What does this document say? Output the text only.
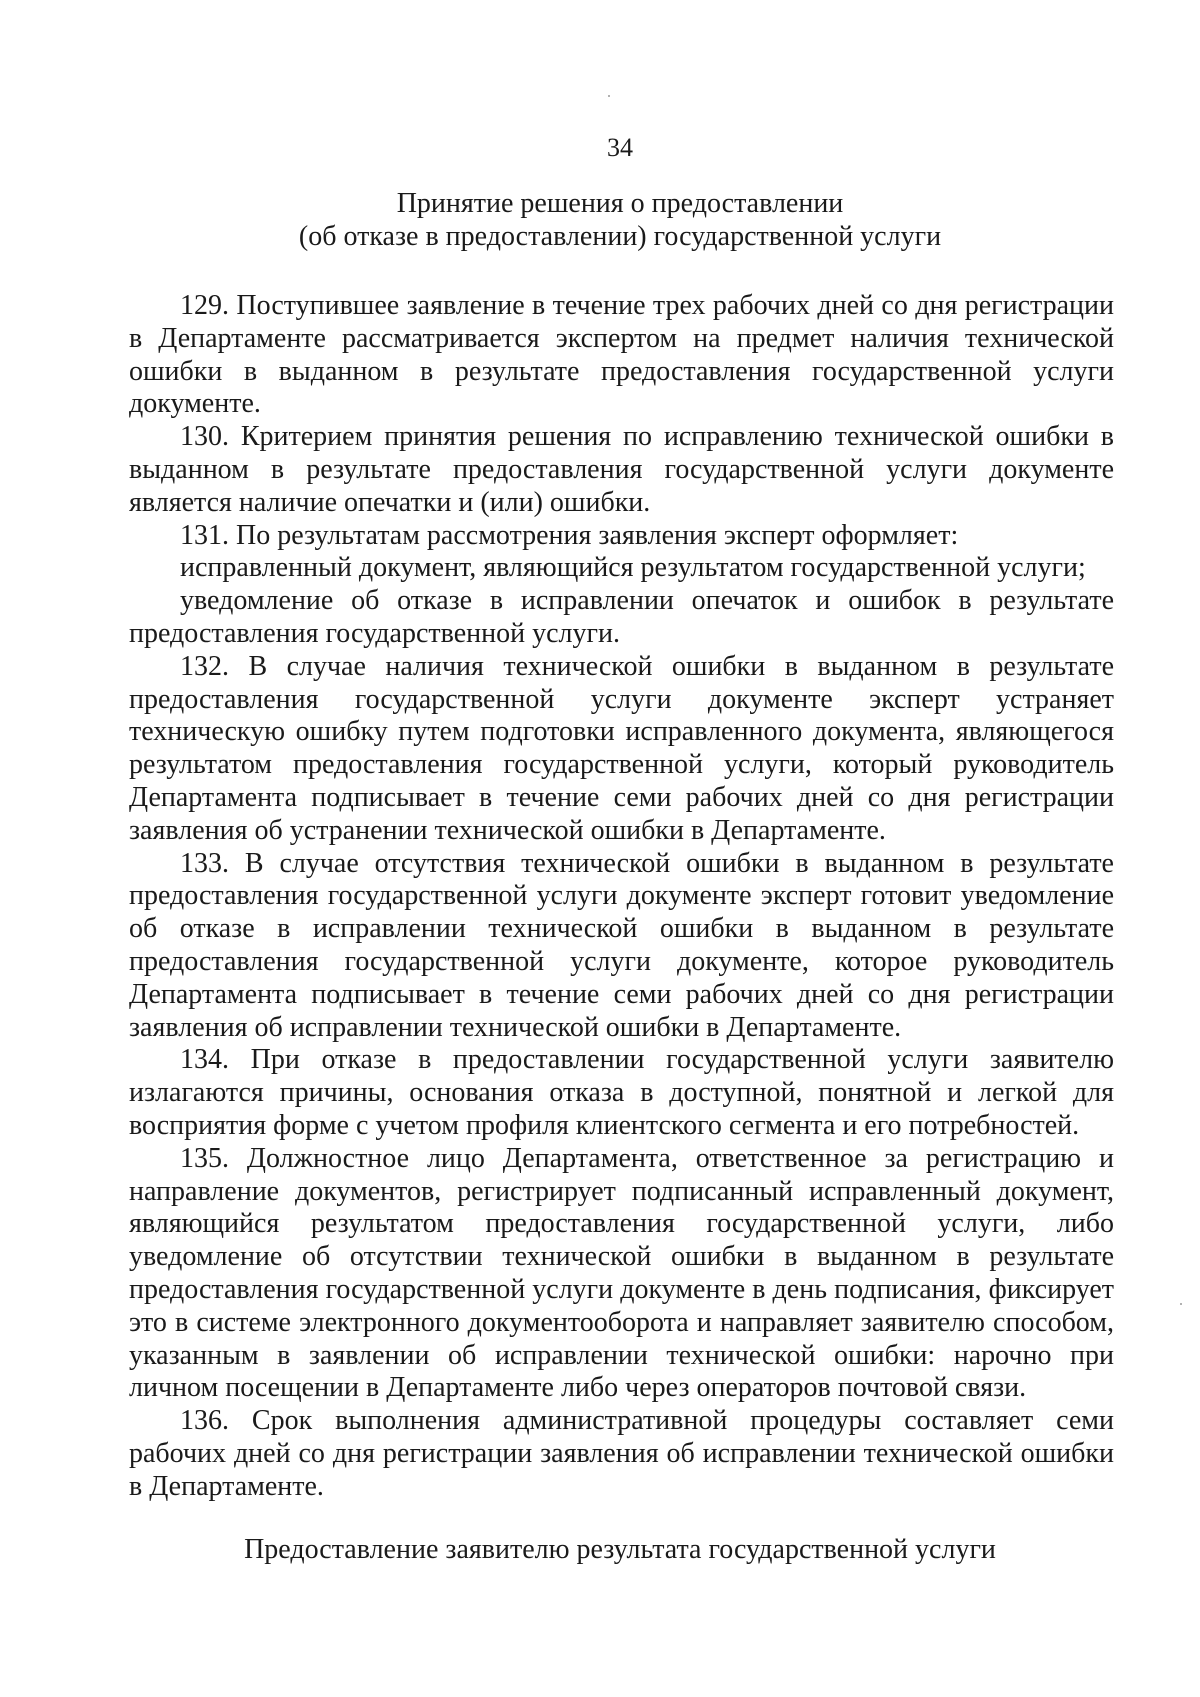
34
Принятие решения о предоставлении
(об отказе в предоставлении) государственной услуги

129. Поступившее заявление в течение трех рабочих дней со дня регистрации в Департаменте рассматривается экспертом на предмет наличия технической ошибки в выданном в результате предоставления государственной услуги документе.

130. Критерием принятия решения по исправлению технической ошибки в выданном в результате предоставления государственной услуги документе является наличие опечатки и (или) ошибки.

131. По результатам рассмотрения заявления эксперт оформляет:

исправленный документ, являющийся результатом государственной услуги;

уведомление об отказе в исправлении опечаток и ошибок в результате предоставления государственной услуги.

132. В случае наличия технической ошибки в выданном в результате предоставления государственной услуги документе эксперт устраняет техническую ошибку путем подготовки исправленного документа, являющегося результатом предоставления государственной услуги, который руководитель Департамента подписывает в течение семи рабочих дней со дня регистрации заявления об устранении технической ошибки в Департаменте.

133. В случае отсутствия технической ошибки в выданном в результате предоставления государственной услуги документе эксперт готовит уведомление об отказе в исправлении технической ошибки в выданном в результате предоставления государственной услуги документе, которое руководитель Департамента подписывает в течение семи рабочих дней со дня регистрации заявления об исправлении технической ошибки в Департаменте.

134. При отказе в предоставлении государственной услуги заявителю излагаются причины, основания отказа в доступной, понятной и легкой для восприятия форме с учетом профиля клиентского сегмента и его потребностей.

135. Должностное лицо Департамента, ответственное за регистрацию и направление документов, регистрирует подписанный исправленный документ, являющийся результатом предоставления государственной услуги, либо уведомление об отсутствии технической ошибки в выданном в результате предоставления государственной услуги документе в день подписания, фиксирует это в системе электронного документооборота и направляет заявителю способом, указанным в заявлении об исправлении технической ошибки: нарочно при личном посещении в Департаменте либо через операторов почтовой связи.

136. Срок выполнения административной процедуры составляет семи рабочих дней со дня регистрации заявления об исправлении технической ошибки в Департаменте.

Предоставление заявителю результата государственной услуги
